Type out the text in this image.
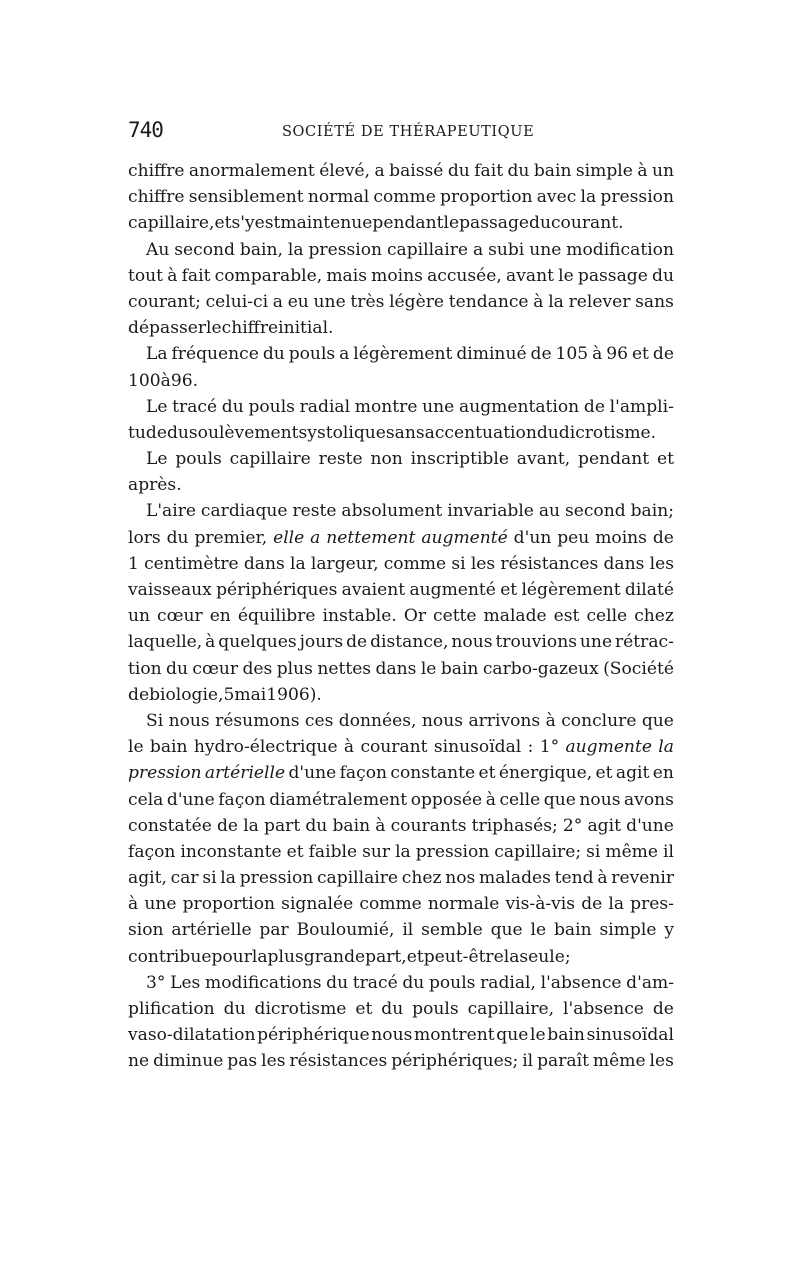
740	SOCIÉTÉ DE THÉRAPEUTIQUE
chiffre anormalement élevé, a baissé du fait du bain simple à un
chiffre sensiblement normal comme proportion avec la pression
capillaire, et s'y est maintenue pendant le passage du courant.
Au second bain, la pression capillaire a subi une modification
tout à fait comparable, mais moins accusée, avant le passage du
courant; celui-ci a eu une très légère tendance à la relever sans
dépasser le chiffre initial.
La fréquence du pouls a légèrement diminué de 105 à 96 et de
100 à 96.
Le tracé du pouls radial montre une augmentation de l'ampli-
tude du soulèvement systolique sans accentuation du dicrotisme.
Le pouls capillaire reste non inscriptible avant, pendant et
après.
L'aire cardiaque reste absolument invariable au second bain;
lors du premier, elle a nettement augmenté d'un peu moins de
1 centimètre dans la largeur, comme si les résistances dans les
vaisseaux périphériques avaient augmenté et légèrement dilaté
un cœur en équilibre instable. Or cette malade est celle chez
laquelle, à quelques jours de distance, nous trouvions une rétrac-
tion du cœur des plus nettes dans le bain carbo-gazeux (Société
de biologie, 5 mai 1906).
Si nous résumons ces données, nous arrivons à conclure que
le bain hydro-électrique à courant sinusoïdal : 1° augmente la
pression artérielle d'une façon constante et énergique, et agit en
cela d'une façon diamétralement opposée à celle que nous avons
constatée de la part du bain à courants triphasés; 2° agit d'une
façon inconstante et faible sur la pression capillaire; si même il
agit, car si la pression capillaire chez nos malades tend à revenir
à une proportion signalée comme normale vis-à-vis de la pres-
sion artérielle par Bouloumié, il semble que le bain simple y
contribue pour la plus grande part, et peut-être la seule;
3° Les modifications du tracé du pouls radial, l'absence d'am-
plification du dicrotisme et du pouls capillaire, l'absence de
vaso-dilatation périphérique nous montrent que le bain sinusoïdal
ne diminue pas les résistances périphériques; il paraît même les
